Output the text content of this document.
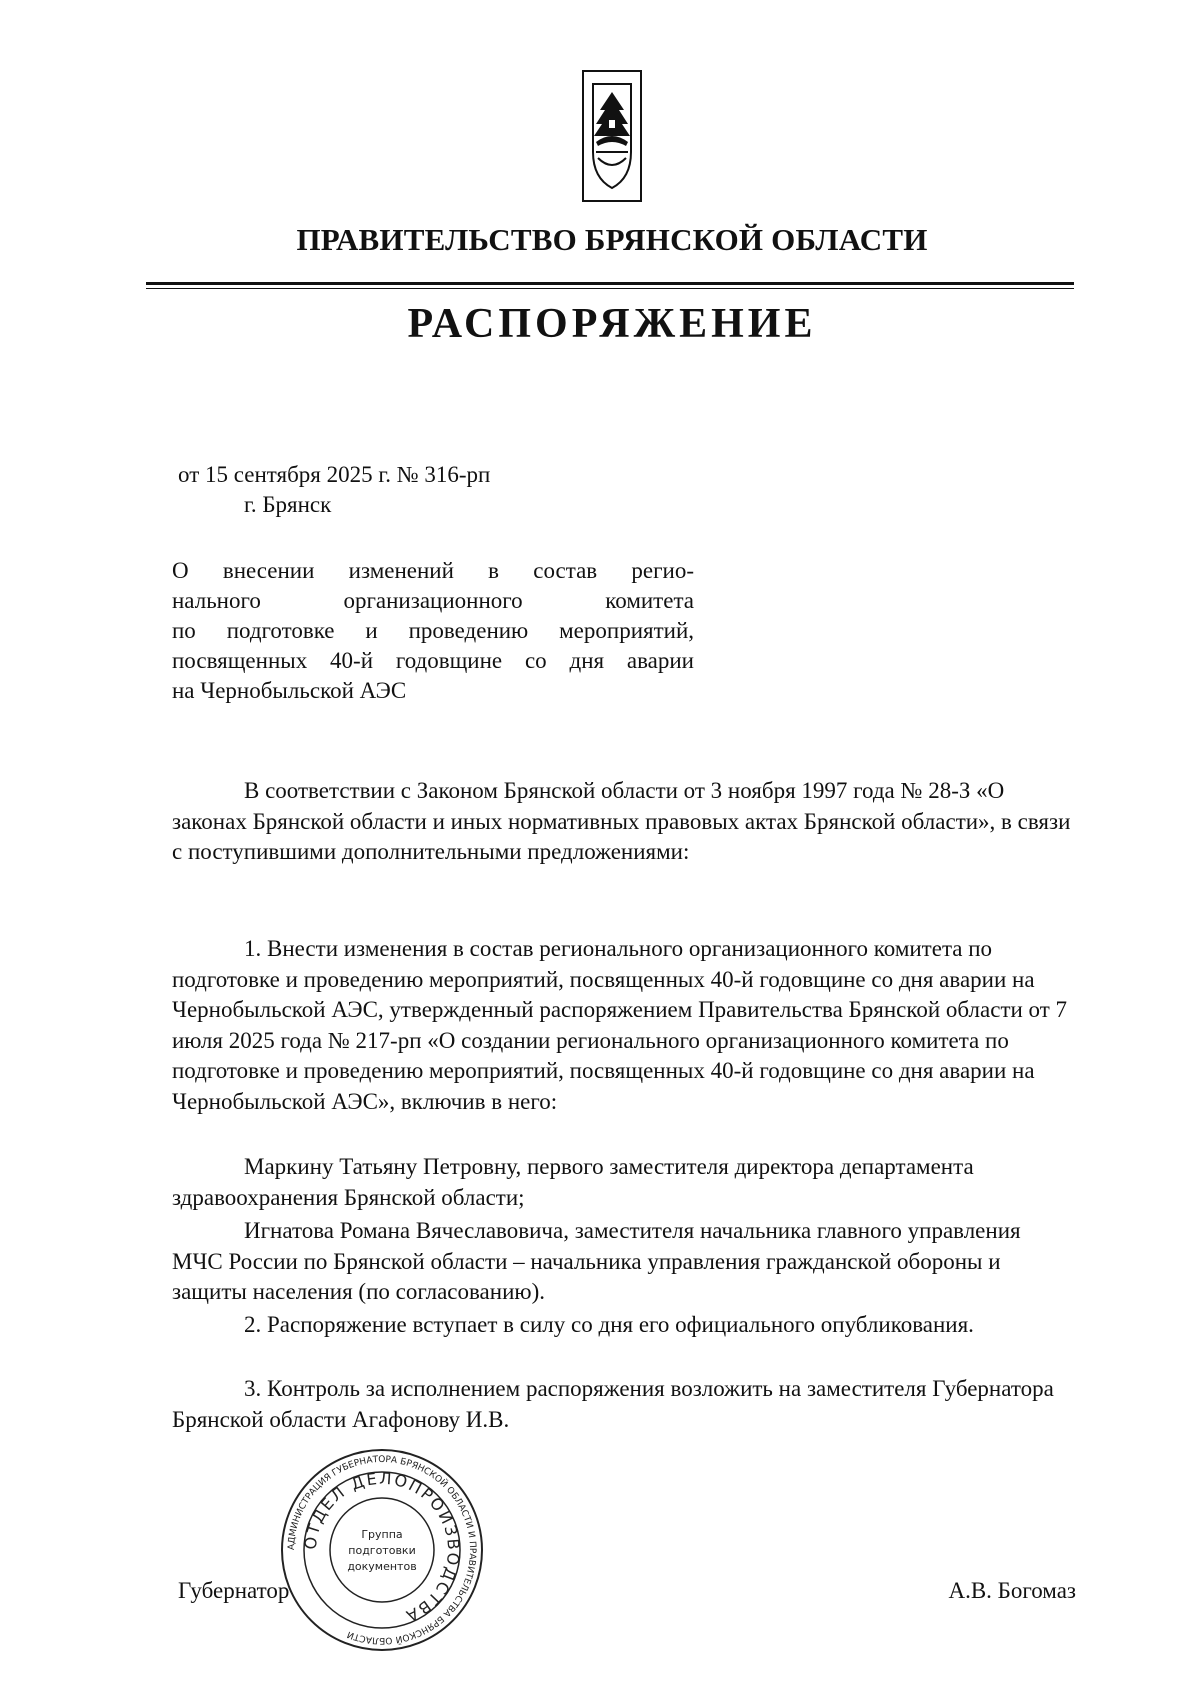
ПРАВИТЕЛЬСТВО БРЯНСКОЙ ОБЛАСТИ
РАСПОРЯЖЕНИЕ
от 15 сентября 2025 г. № 316-рп
г. Брянск
О внесении изменений в состав регио-
нального организационного комитета
по подготовке и проведению мероприятий,
посвященных 40-й годовщине со дня аварии
на Чернобыльской АЭС
В соответствии с Законом Брянской области от 3 ноября 1997 года № 28-З «О законах Брянской области и иных нормативных правовых актах Брянской области», в связи с поступившими дополнительными предложениями:
1. Внести изменения в состав регионального организационного комитета по подготовке и проведению мероприятий, посвященных 40-й годовщине со дня аварии на Чернобыльской АЭС, утвержденный распоряжением Правительства Брянской области от 7 июля 2025 года № 217-рп «О создании регионального организационного комитета по подготовке и проведению мероприятий, посвященных 40-й годовщине со дня аварии на Чернобыльской АЭС», включив в него:
Маркину Татьяну Петровну, первого заместителя директора департамента здравоохранения Брянской области;
Игнатова Романа Вячеславовича, заместителя начальника главного управления МЧС России по Брянской области – начальника управления гражданской обороны и защиты населения (по согласованию).
2. Распоряжение вступает в силу со дня его официального опубликования.
3. Контроль за исполнением распоряжения возложить на заместителя Губернатора Брянской области Агафонову И.В.
Губернатор
АДМИНИСТРАЦИЯ ГУБЕРНАТОРА БРЯНСКОЙ ОБЛАСТИ И ПРАВИТЕЛЬСТВА БРЯНСКОЙ ОБЛАСТИ
ОТДЕЛ ДЕЛОПРОИЗВОДСТВА
Группа
подготовки
документов
А.В. Богомаз
